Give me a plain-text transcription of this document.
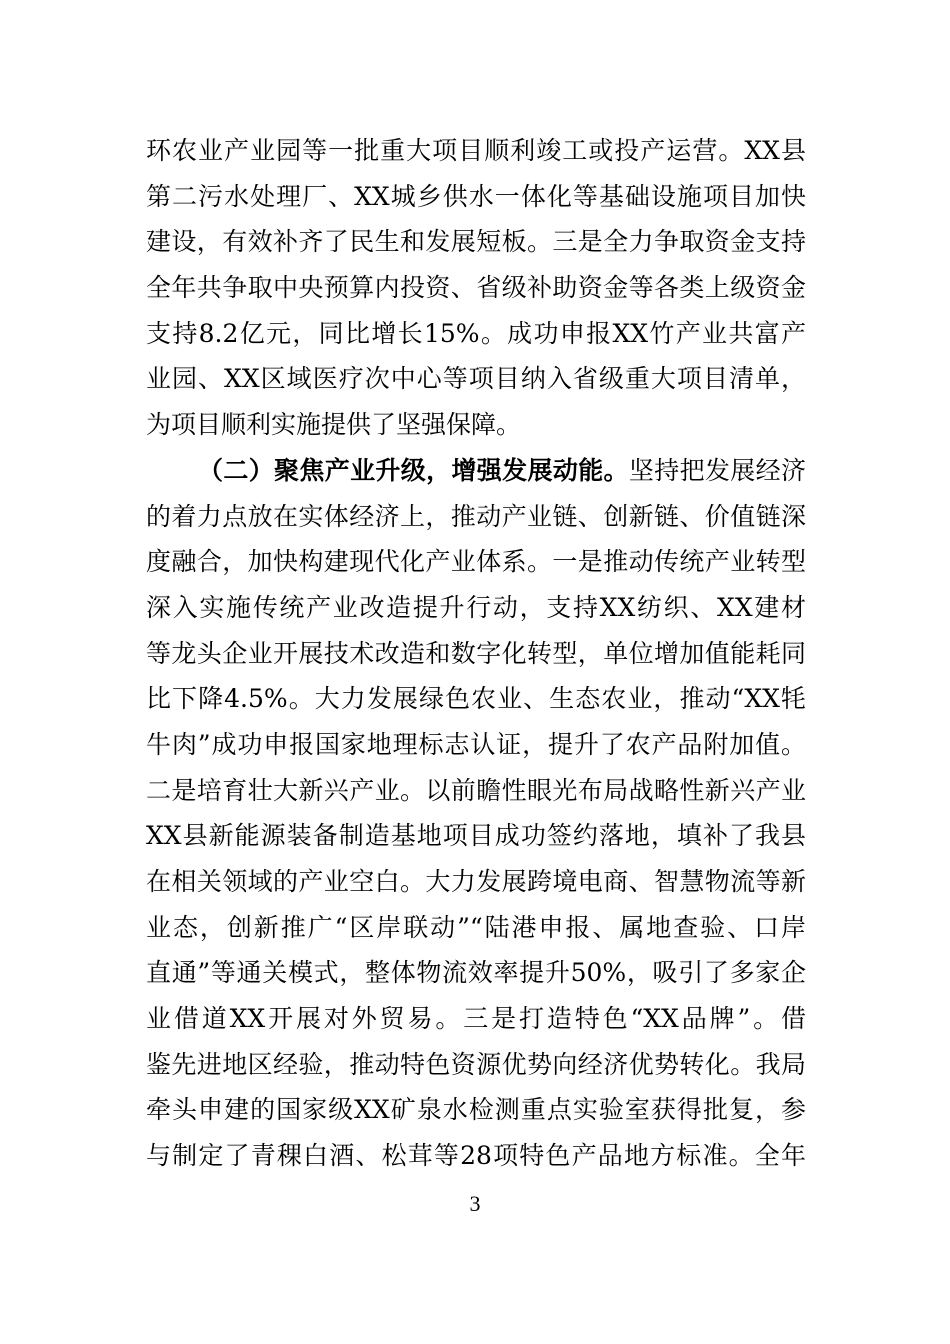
环农业产业园等一批重大项目顺利竣工或投产运营。XX县
第二污水处理厂、XX城乡供水一体化等基础设施项目加快
建设，有效补齐了民生和发展短板。三是全力争取资金支持
全年共争取中央预算内投资、省级补助资金等各类上级资金
支持8.2亿元，同比增长15%。成功申报XX竹产业共富产
业园、XX区域医疗次中心等项目纳入省级重大项目清单，
为项目顺利实施提供了坚强保障。
（二）聚焦产业升级，增强发展动能。坚持把发展经济
的着力点放在实体经济上，推动产业链、创新链、价值链深
度融合，加快构建现代化产业体系。一是推动传统产业转型
深入实施传统产业改造提升行动，支持XX纺织、XX建材
等龙头企业开展技术改造和数字化转型，单位增加值能耗同
比下降4.5%。大力发展绿色农业、生态农业，推动“XX牦
牛肉”成功申报国家地理标志认证，提升了农产品附加值。
二是培育壮大新兴产业。以前瞻性眼光布局战略性新兴产业
XX县新能源装备制造基地项目成功签约落地，填补了我县
在相关领域的产业空白。大力发展跨境电商、智慧物流等新
业态，创新推广“区岸联动”“陆港申报、属地查验、口岸
直通”等通关模式，整体物流效率提升50%，吸引了多家企
业借道XX开展对外贸易。三是打造特色“XX品牌”。借
鉴先进地区经验，推动特色资源优势向经济优势转化。我局
牵头申建的国家级XX矿泉水检测重点实验室获得批复，参
与制定了青稞白酒、松茸等28项特色产品地方标准。全年
3
